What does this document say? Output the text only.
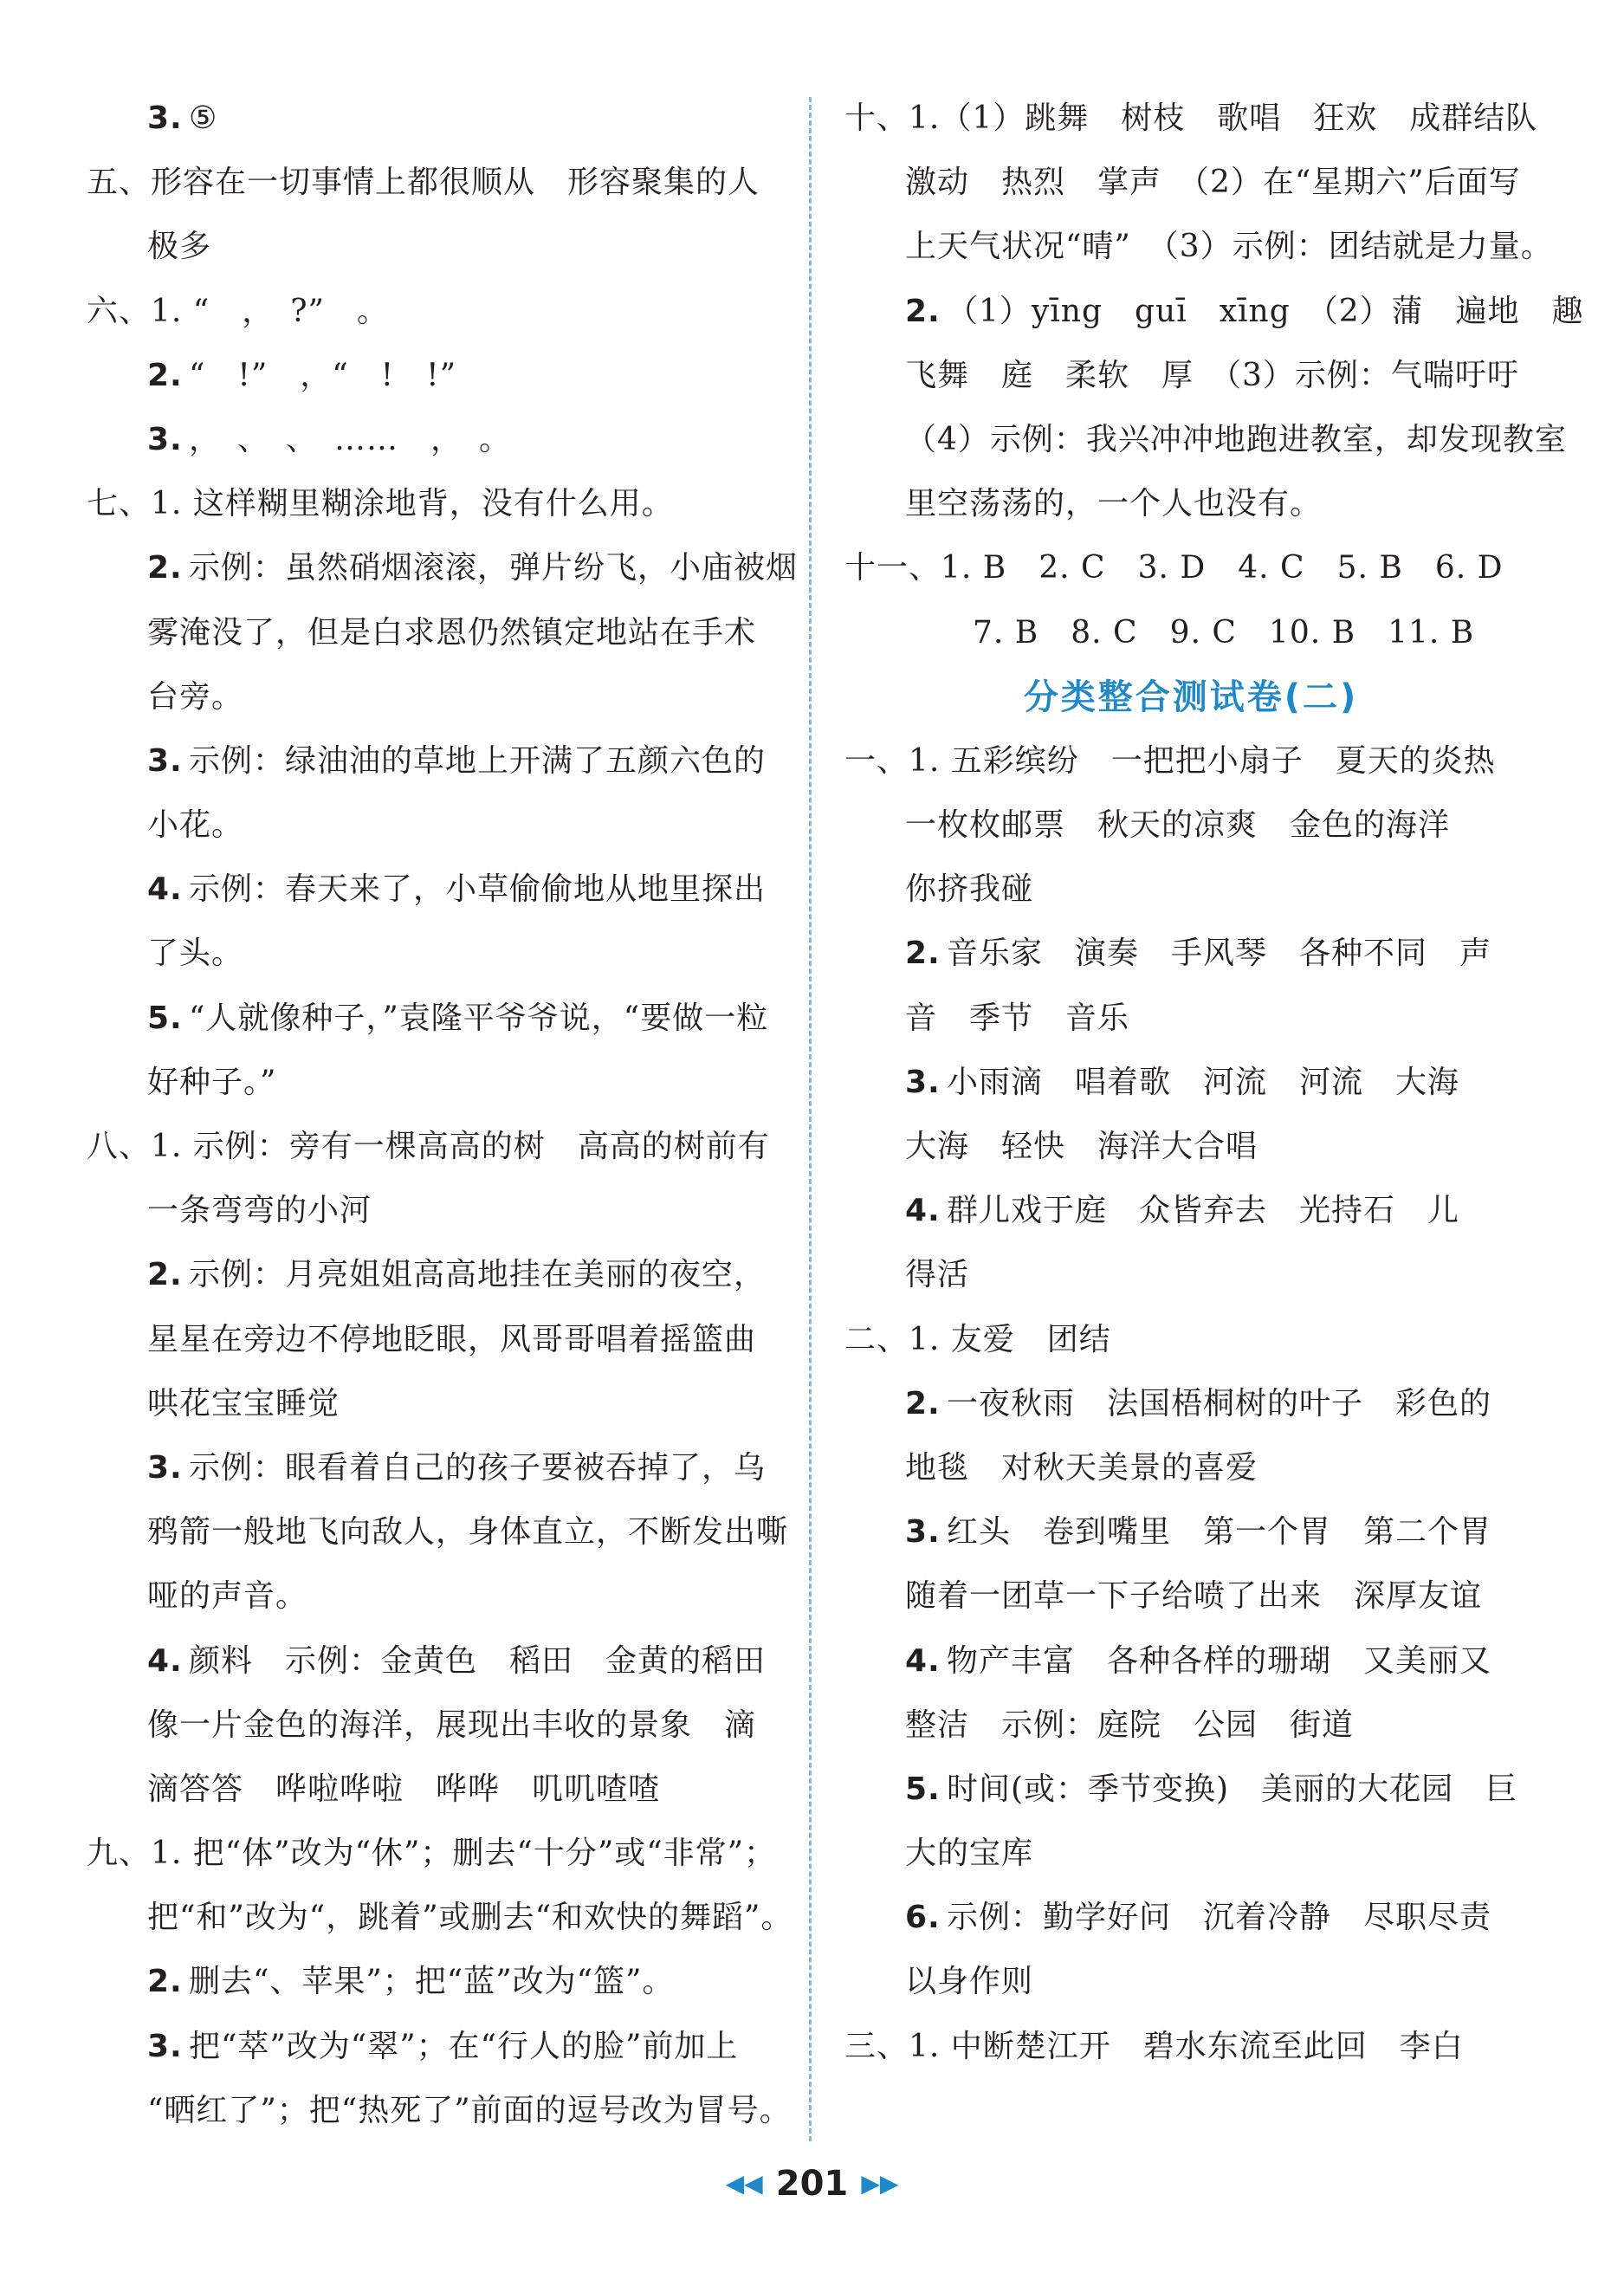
3. ⑤
五、形容在一切事情上都很顺从　形容聚集的人
极多
六、1. “　，　?”　。
2. “　!”　，“　!　!”
3. ，　、　、　……　，　。
七、1. 这样糊里糊涂地背，没有什么用。
2. 示例：虽然硝烟滚滚，弹片纷飞，小庙被烟
雾淹没了，但是白求恩仍然镇定地站在手术
台旁。
3. 示例：绿油油的草地上开满了五颜六色的
小花。
4. 示例：春天来了，小草偷偷地从地里探出
了头。
5. “人就像种子，”袁隆平爷爷说，“要做一粒
好种子。”
八、1. 示例：旁有一棵高高的树　高高的树前有
一条弯弯的小河
2. 示例：月亮姐姐高高地挂在美丽的夜空，
星星在旁边不停地眨眼，风哥哥唱着摇篮曲
哄花宝宝睡觉
3. 示例：眼看着自己的孩子要被吞掉了，乌
鸦箭一般地飞向敌人，身体直立，不断发出嘶
哑的声音。
4. 颜料　示例：金黄色　稻田　金黄的稻田
像一片金色的海洋，展现出丰收的景象　滴
滴答答　哗啦哗啦　哗哗　叽叽喳喳
九、1. 把“体”改为“休”；删去“十分”或“非常”；
把“和”改为“，跳着”或删去“和欢快的舞蹈”。
2. 删去“、苹果”；把“蓝”改为“篮”。
3. 把“萃”改为“翠”；在“行人的脸”前加上
“晒红了”；把“热死了”前面的逗号改为冒号。
十、1.（1）跳舞　树枝　歌唱　狂欢　成群结队
激动　热烈　掌声　（2）在“星期六”后面写
上天气状况“晴”　（3）示例：团结就是力量。
2. （1）yīng　guī　xīng　（2）蒲　遍地　趣
飞舞　庭　柔软　厚　（3）示例：气喘吁吁
（4）示例：我兴冲冲地跑进教室，却发现教室
里空荡荡的，一个人也没有。
十一、1. B　2. C　3. D　4. C　5. B　6. D
7. B　8. C　9. C　10. B　11. B
分类整合测试卷(二)
一、1. 五彩缤纷　一把把小扇子　夏天的炎热
一枚枚邮票　秋天的凉爽　金色的海洋
你挤我碰
2. 音乐家　演奏　手风琴　各种不同　声
音　季节　音乐
3. 小雨滴　唱着歌　河流　河流　大海
大海　轻快　海洋大合唱
4. 群儿戏于庭　众皆弃去　光持石　儿
得活
二、1. 友爱　团结
2. 一夜秋雨　法国梧桐树的叶子　彩色的
地毯　对秋天美景的喜爱
3. 红头　卷到嘴里　第一个胃　第二个胃
随着一团草一下子给喷了出来　深厚友谊
4. 物产丰富　各种各样的珊瑚　又美丽又
整洁　示例：庭院　公园　街道
5. 时间(或：季节变换)　美丽的大花园　巨
大的宝库
6. 示例：勤学好问　沉着冷静　尽职尽责
以身作则
三、1. 中断楚江开　碧水东流至此回　李白
◀◀ 201 ▶▶
